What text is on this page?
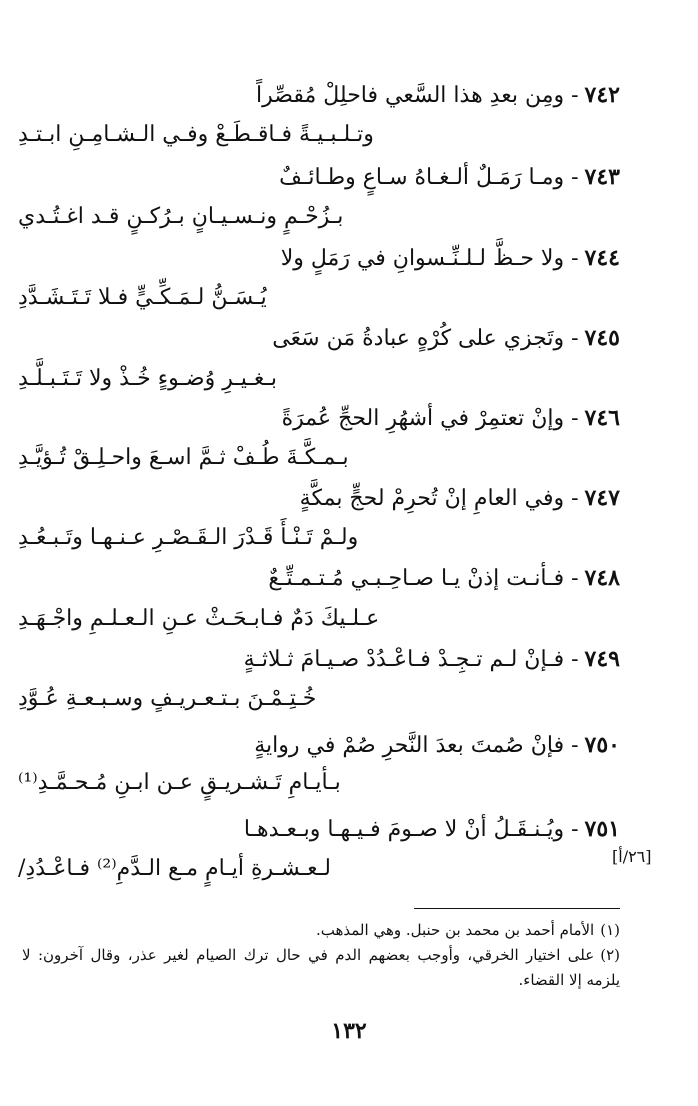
٧٤٢- ومِن بعدِ هذا السَّعي فاحلِلْ مُقصِّراً
وتـلـبـيـةً فـاقـطَـعْ وفـي الـشـامِـنِ ابـتـدِ
٧٤٣- ومـا رَمَـلٌ ألـغـاهُ سـاعٍ وطـائـفٌ
بـزُحْـمٍ ونـسـيـانٍ بـرُكـنٍ قـد اغـتُـدي
٧٤٤- ولا حـظَّ لـلـنِّـسوانِ في رَمَلٍ ولا
يُـسَـنُّ لـمَـكِّـيٍّ فـلا تَـتَـشَـدَّدِ
٧٤٥- وتَجزي على كُرْهٍ عبادةُ مَن سَعَى
بـغـيـرِ وُضـوءٍ خُـذْ ولا تَـتَـبـلَّـدِ
٧٤٦- وإنْ تعتمِرْ في أشهُرِ الحجِّ عُمرَةً
بـمـكَّـةَ طُـفْ ثـمَّ اسـعَ واحـلِـقْ تُـؤيَّـدِ
٧٤٧- وفي العامِ إنْ تُحرِمْ لحجٍّ بمكَّةٍ
ولـمْ تَـنْـأَ قَـدْرَ الـقَـصْـرِ عـنـهـا وتَـبـعُـدِ
٧٤٨- فـأنـت إذنْ يـا صـاحِـبـي مُـتـمـتِّـعٌ
عـلـيكَ دَمٌ فـابـحَـثْ عـنِ الـعـلـمِ واجْـهَـدِ
٧٤٩- فـإنْ لـم تـجِـدْ فـاعْـدُدْ صـيـامَ ثـلاثـةٍ
خُـتِـمْـنَ بـتـعـريـفٍ وسـبـعـةِ عُـوَّدِ
٧٥٠- فإنْ صُمتَ بعدَ النَّحرِ صُمْ في روايةٍ
بـأيـامِ تَـشـريـقٍ عـن ابـنِ مُـحـمَّـدِ⁽¹⁾
٧٥١- ويُـنـقَـلُ أنْ لا صـومَ فـيـهـا وبـعـدهـا
لـعـشـرةِ أيـامٍ مـع الـدَّمِ⁽²⁾ فـاعْـدُدِ/	[٢٦/أ]
(١)الأمام أحمد بن محمد بن حنبل. وهي المذهب.
(٢)على اختيار الخرقي، وأوجب بعضهم الدم في حال ترك الصيام لغير عذر، وقال آخرون: لا يلزمه إلا القضاء.
١٣٢
